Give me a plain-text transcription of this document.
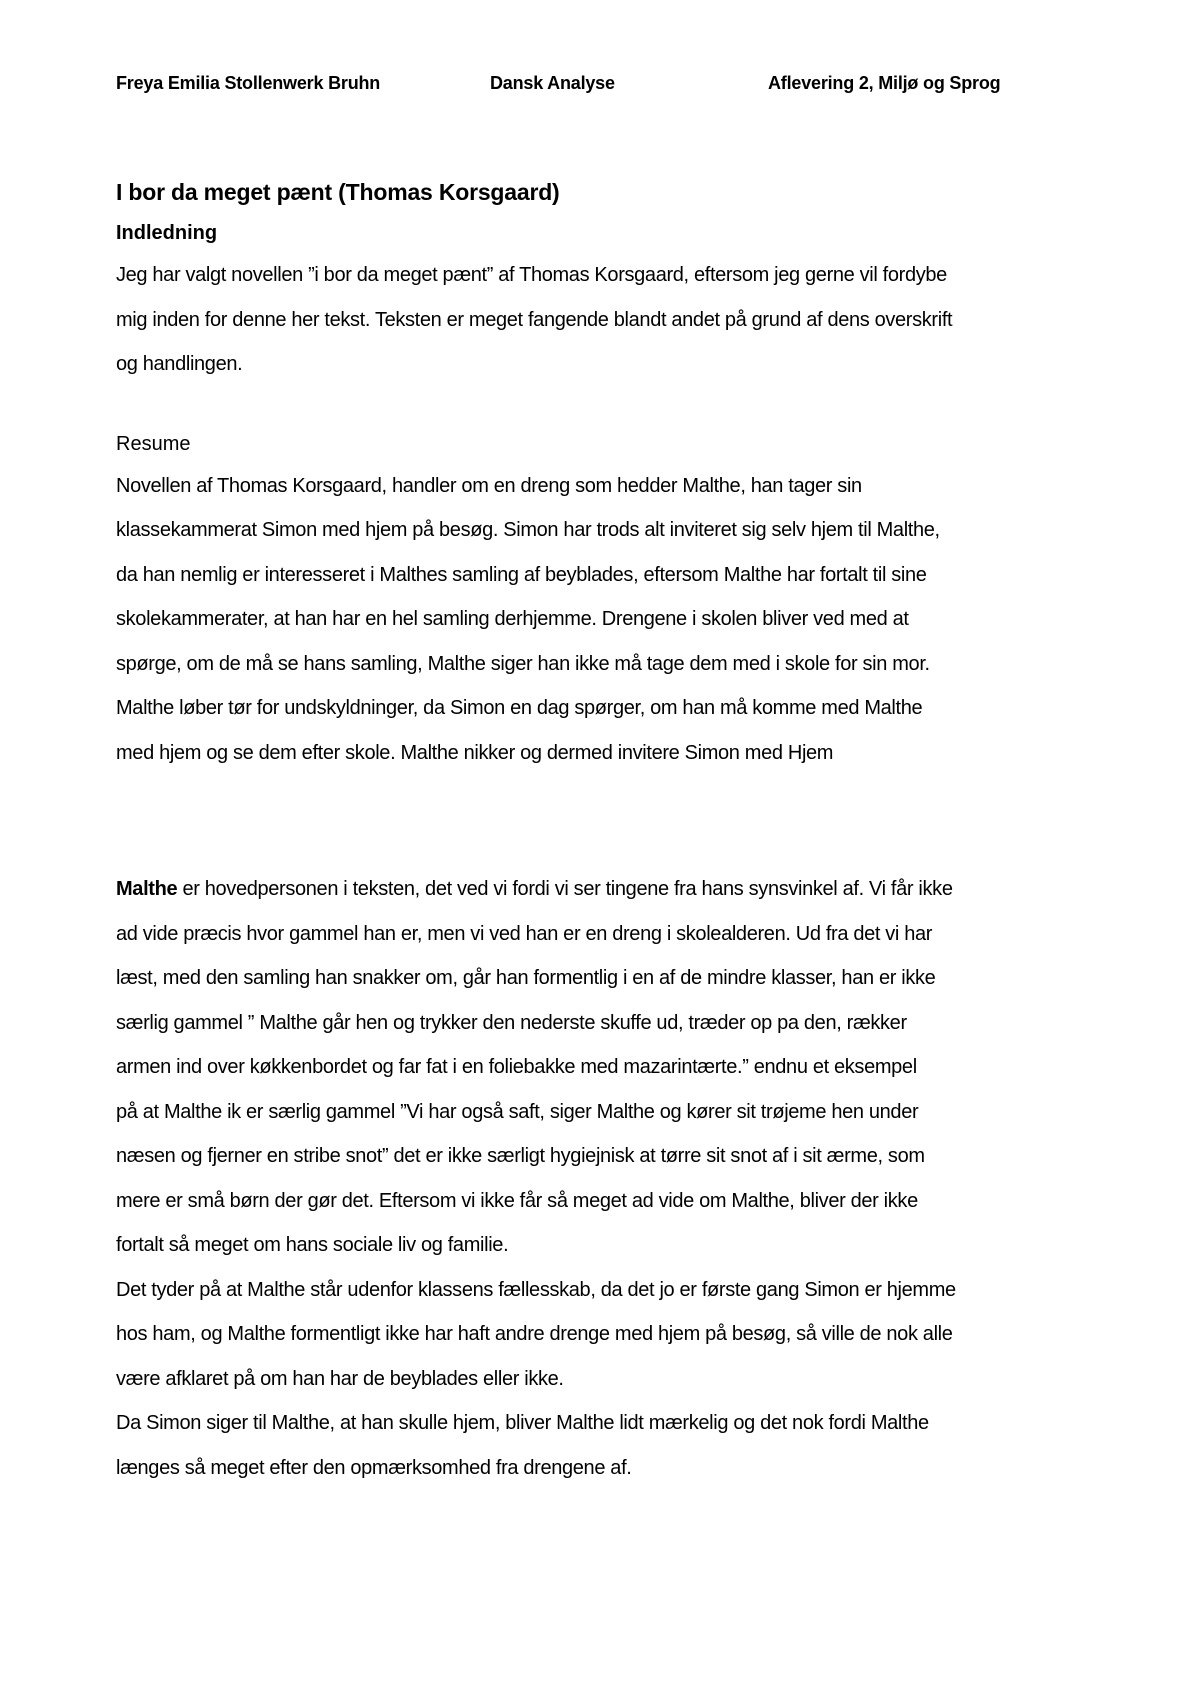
Freya Emilia Stollenwerk Bruhn	Dansk Analyse	Aflevering 2, Miljø og Sprog
I bor da meget pænt (Thomas Korsgaard)
Indledning

Jeg har valgt novellen ”i bor da meget pænt” af Thomas Korsgaard, eftersom jeg gerne vil fordybe

mig inden for denne her tekst. Teksten er meget fangende blandt andet på grund af dens overskrift

og handlingen.

Resume

Novellen af Thomas Korsgaard, handler om en dreng som hedder Malthe, han tager sin

klassekammerat Simon med hjem på besøg. Simon har trods alt inviteret sig selv hjem til Malthe,

da han nemlig er interesseret i Malthes samling af beyblades, eftersom Malthe har fortalt til sine

skolekammerater, at han har en hel samling derhjemme. Drengene i skolen bliver ved med at

spørge, om de må se hans samling, Malthe siger han ikke må tage dem med i skole for sin mor.

Malthe løber tør for undskyldninger, da Simon en dag spørger, om han må komme med Malthe

med hjem og se dem efter skole. Malthe nikker og dermed invitere Simon med Hjem

Malthe er hovedpersonen i teksten, det ved vi fordi vi ser tingene fra hans synsvinkel af. Vi får ikke

ad vide præcis hvor gammel han er, men vi ved han er en dreng i skolealderen. Ud fra det vi har

læst, med den samling han snakker om, går han formentlig i en af de mindre klasser, han er ikke

særlig gammel ” Malthe går hen og trykker den nederste skuffe ud, træder op pa den, rækker

armen ind over køkkenbordet og far fat i en foliebakke med mazarintærte.” endnu et eksempel

på at Malthe ik er særlig gammel ”Vi har også saft, siger Malthe og kører sit trøjeme hen under

næsen og fjerner en stribe snot” det er ikke særligt hygiejnisk at tørre sit snot af i sit ærme, som

mere er små børn der gør det. Eftersom vi ikke får så meget ad vide om Malthe, bliver der ikke

fortalt så meget om hans sociale liv og familie.

Det tyder på at Malthe står udenfor klassens fællesskab, da det jo er første gang Simon er hjemme

hos ham, og Malthe formentligt ikke har haft andre drenge med hjem på besøg, så ville de nok alle

være afklaret på om han har de beyblades eller ikke.

Da Simon siger til Malthe, at han skulle hjem, bliver Malthe lidt mærkelig og det nok fordi Malthe

længes så meget efter den opmærksomhed fra drengene af.
